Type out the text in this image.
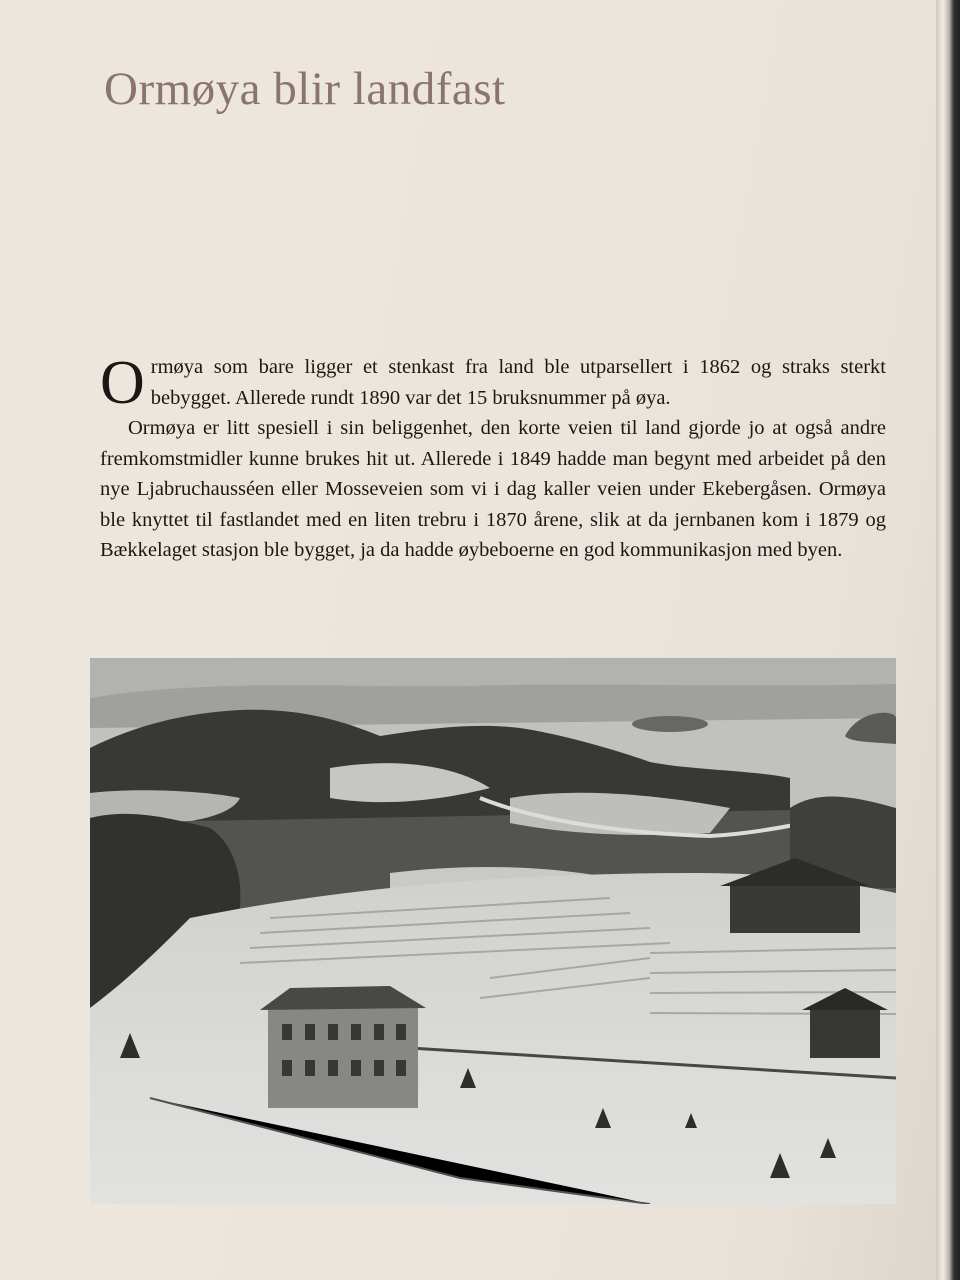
Ormøya blir landfast

Ormøya som bare ligger et stenkast fra land ble utparsellert i 1862 og straks sterkt bebygget. Allerede rundt 1890 var det 15 bruksnummer på øya.

Ormøya er litt spesiell i sin beliggenhet, den korte veien til land gjorde jo at også andre fremkomstmidler kunne brukes hit ut. Allerede i 1849 hadde man begynt med arbeidet på den nye Ljabruchausséen eller Mosseveien som vi i dag kaller veien under Ekebergåsen. Ormøya ble knyttet til fastlandet med en liten trebru i 1870 årene, slik at da jernbanen kom i 1879 og Bækkelaget stasjon ble bygget, ja da hadde øybeboerne en god kommunikasjon med byen.
